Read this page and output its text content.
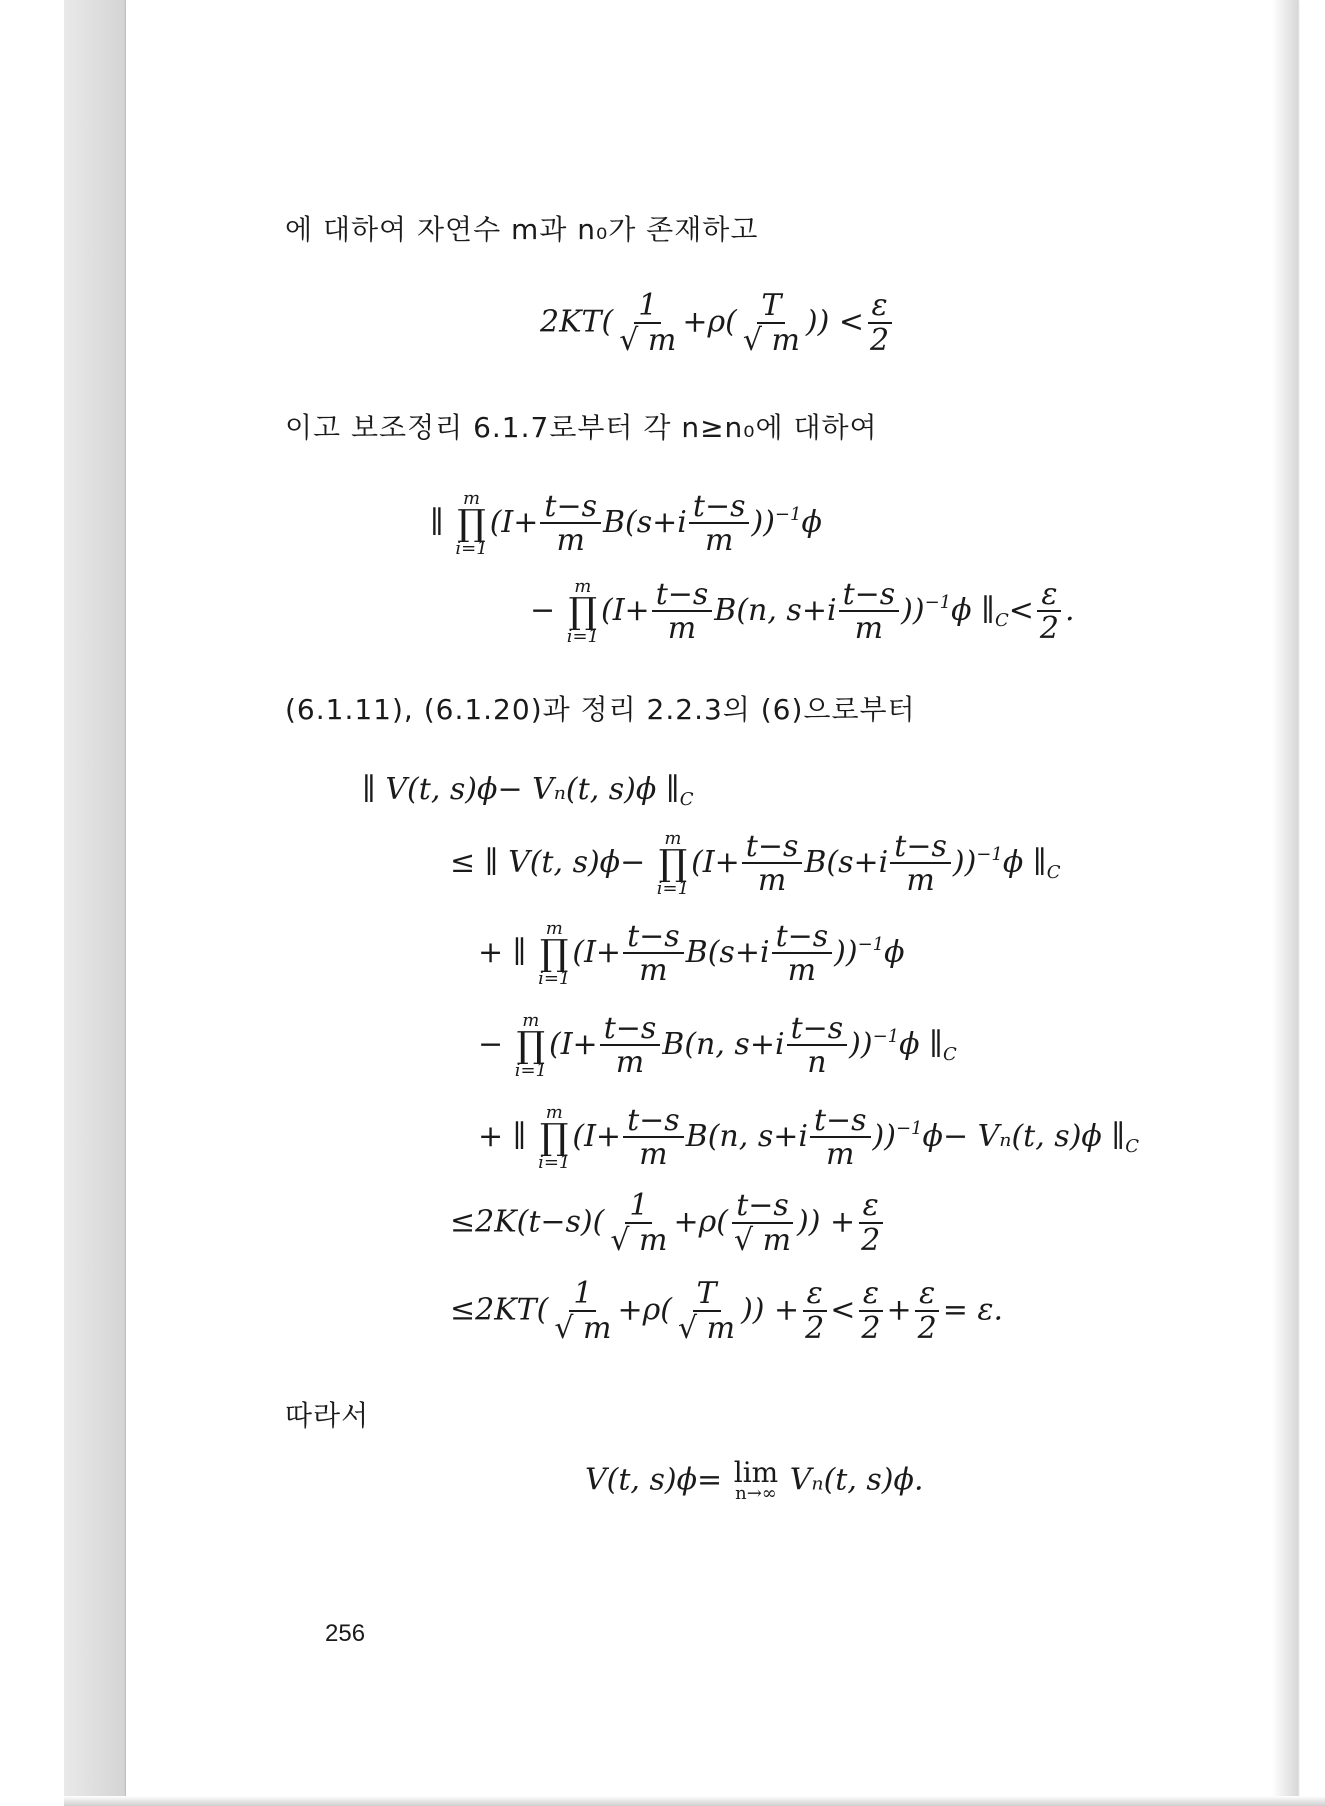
에 대하여 자연수 m과 n₀가 존재하고
$2KT( \frac{1}{√ m} +\rho( \frac{T}{√ m}$ )) < $\frac{\varepsilon}{2}$
이고 보조정리 6.1.7로부터 각 n≥n₀에 대하여
∥
m
∏
i=1
$(I+ \frac{t-s}{m} B(s+i \frac{t-s}{m} ))^{-1}\phi$
−
m
∏
i=1
($I+ \frac{t-s}{m} B(n$, $s+i \frac{t-s}{m} ))^{-1}\phi$ $\parallel_C< \frac{\varepsilon}{2}$ .
(6.1.11), (6.1.20)과 정리 2.2.3의 (6)으로부터
∥ V(t, s)ϕ− Vₙ(t, s)ϕ $\parallel_C$
≤ ∥ V(t, s)ϕ−
m
∏
i=1
$(I+ \frac{t-s}{m} B(s+i \frac{t-s}{m} ))^{-1}\phi$ $\parallel_C$
+ ∥
m
∏
i=1
$(I+ \frac{t-s}{m} B(s+i \frac{t-s}{m} ))^{-1}\phi$
−
m
∏
i=1
($I+ \frac{t-s}{m} B(n$, $s+i \frac{t-s}{n} ))^{-1}\phi$ $\parallel_C$
+ ∥
m
∏
i=1
($I+ \frac{t-s}{m} B(n$, $s+i \frac{t-s}{m} ))^{-1}\phi- V_n(t$, s)ϕ $\parallel_C$
$\le 2K(t-s)( \frac{1}{√ m} +\rho( \frac{t-s}{√ m}$ )) + $\frac{\varepsilon}{2}$
$\le 2KT( \frac{1}{√ m} +\rho( \frac{T}{√ m}$ )) + $\frac{\varepsilon}{2} < \frac{\varepsilon}{2} + \frac{\varepsilon}{2} = \varepsilon$.
따라서
V(t, s)ϕ= lim
n→∞ Vₙ(t, s)ϕ.
256
